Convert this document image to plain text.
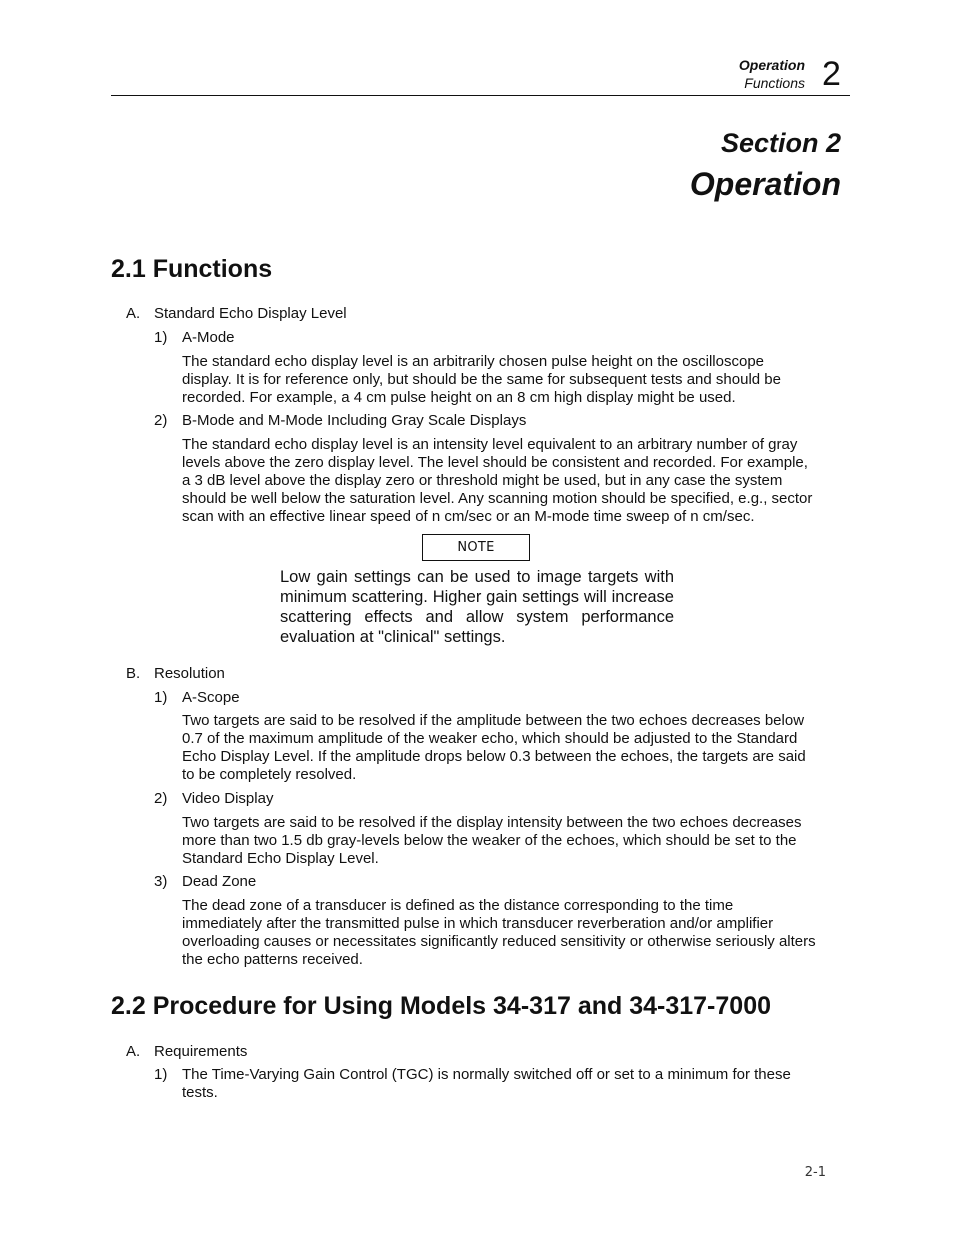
Operation
Functions 2
Section 2
Operation
2.1 Functions
A. Standard Echo Display Level
1) A-Mode
The standard echo display level is an arbitrarily chosen pulse height on the oscilloscope
display. It is for reference only, but should be the same for subsequent tests and should be
recorded. For example, a 4 cm pulse height on an 8 cm high display might be used.
2) B-Mode and M-Mode Including Gray Scale Displays
The standard echo display level is an intensity level equivalent to an arbitrary number of gray
levels above the zero display level. The level should be consistent and recorded. For example,
a 3 dB level above the display zero or threshold might be used, but in any case the system
should be well below the saturation level. Any scanning motion should be specified, e.g., sector
scan with an effective linear speed of n cm/sec or an M-mode time sweep of n cm/sec.
NOTE
Low gain settings can be used to image targets with minimum scattering. Higher gain settings will increase scattering effects and allow system performance evaluation at "clinical" settings.
B. Resolution
1) A-Scope
Two targets are said to be resolved if the amplitude between the two echoes decreases below
0.7 of the maximum amplitude of the weaker echo, which should be adjusted to the Standard
Echo Display Level. If the amplitude drops below 0.3 between the echoes, the targets are said
to be completely resolved.
2) Video Display
Two targets are said to be resolved if the display intensity between the two echoes decreases
more than two 1.5 db gray-levels below the weaker of the echoes, which should be set to the
Standard Echo Display Level.
3) Dead Zone
The dead zone of a transducer is defined as the distance corresponding to the time
immediately after the transmitted pulse in which transducer reverberation and/or amplifier
overloading causes or necessitates significantly reduced sensitivity or otherwise seriously alters
the echo patterns received.
2.2 Procedure for Using Models 34-317 and 34-317-7000
A. Requirements
1) The Time-Varying Gain Control (TGC) is normally switched off or set to a minimum for these
tests.
2-1
